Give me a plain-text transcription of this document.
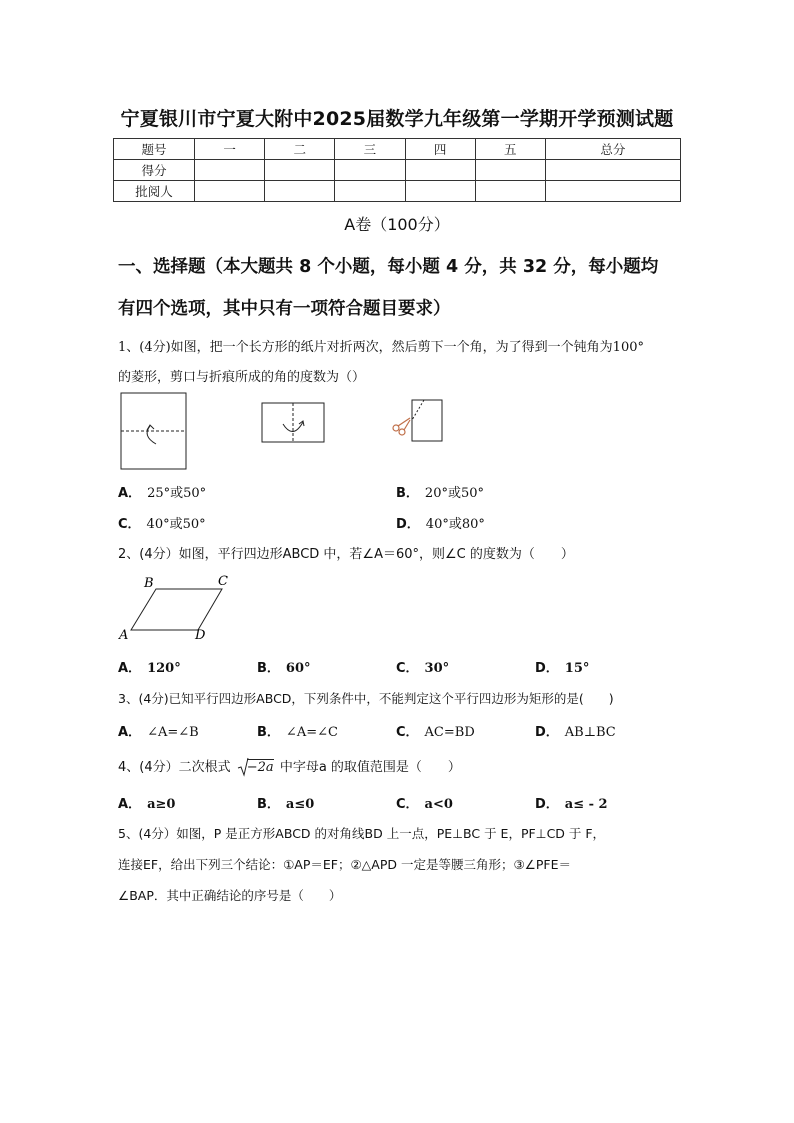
宁夏银川市宁夏大附中2025届数学九年级第一学期开学预测试题
题号	一	二	三	四	五	总分
得分						
批阅人						
A卷（100分）
一、选择题（本大题共 8 个小题，每小题 4 分，共 32 分，每小题均
有四个选项，其中只有一项符合题目要求）
1、(4分)如图，把一个长方形的纸片对折两次，然后剪下一个角，为了得到一个钝角为100°
的菱形，剪口与折痕所成的角的度数为（）
A． 25°或50°	B． 20°或50°
C． 40°或50°	D． 40°或80°
2、(4分）如图，平行四边形ABCD 中，若∠A＝60°，则∠C 的度数为（　　）
A
B	C
D
A． 120°	B． 60°	C． 30°	D． 15°
3、(4分)已知平行四边形ABCD，下列条件中，不能判定这个平行四边形为矩形的是(　　)
A． ∠A=∠B	B． ∠A=∠C	C． AC=BD	D． AB⊥BC
4、(4分）二次根式 −2a 中字母a 的取值范围是（　　）
A． a≥0	B． a≤0	C． a<0	D． a≤ - 2
5、(4分）如图，P 是正方形ABCD 的对角线BD 上一点，PE⊥BC 于 E，PF⊥CD 于 F，
连接EF，给出下列三个结论：①AP＝EF；②△APD 一定是等腰三角形；③∠PFE＝
∠BAP．其中正确结论的序号是（　　）
